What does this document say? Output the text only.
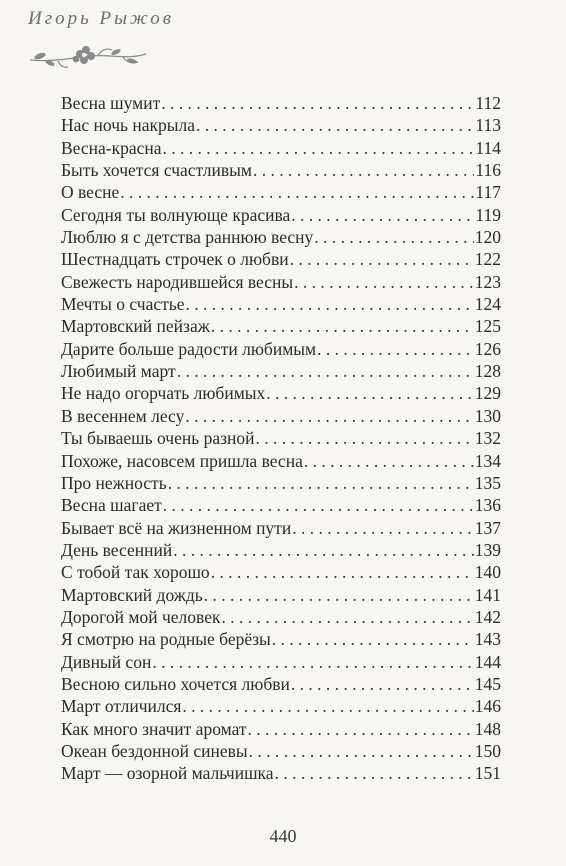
Игорь Рыжов
Весна шумит . . .	112
Нас ночь накрыла . . .	113
Весна-красна . . .	114
Быть хочется счастливым . . .	116
О весне . . .	117
Сегодня ты волнующе красива . . .	119
Люблю я с детства раннюю весну . . .	120
Шестнадцать строчек о любви . . .	122
Свежесть народившейся весны . . .	123
Мечты о счастье . . .	124
Мартовский пейзаж . . .	125
Дарите больше радости любимым . . .	126
Любимый март . . .	128
Не надо огорчать любимых . . .	129
В весеннем лесу . . .	130
Ты бываешь очень разной . . .	132
Похоже, насовсем пришла весна . . .	134
Про нежность . . .	135
Весна шагает . . .	136
Бывает всё на жизненном пути . . .	137
День весенний . . .	139
С тобой так хорошо . . .	140
Мартовский дождь . . .	141
Дорогой мой человек . . .	142
Я смотрю на родные берёзы . . .	143
Дивный сон . . .	144
Весною сильно хочется любви . . .	145
Март отличился . . .	146
Как много значит аромат . . .	148
Океан бездонной синевы . . .	150
Март — озорной мальчишка . . .	151
440
